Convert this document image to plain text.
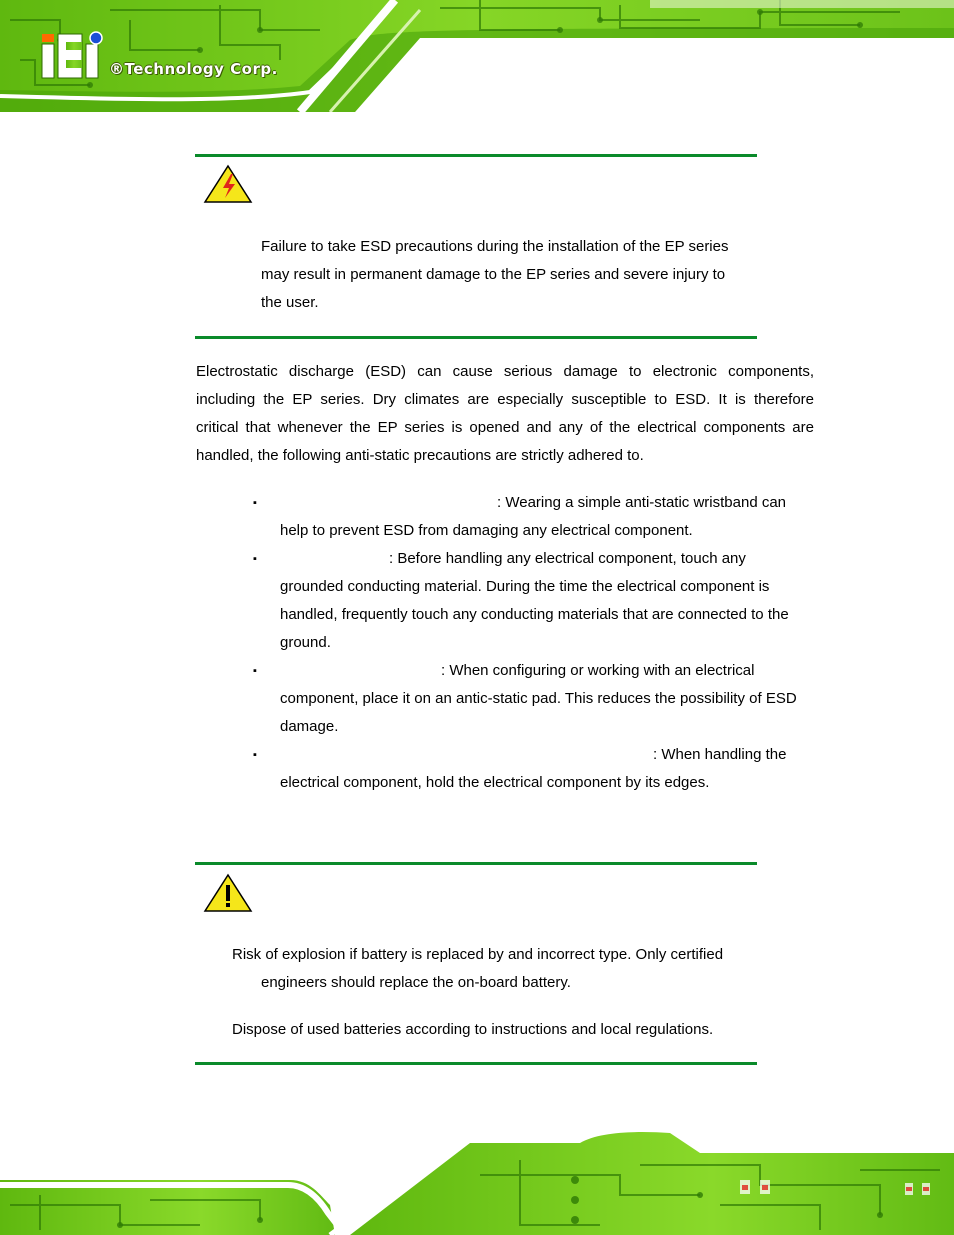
®Technology Corp.

Failure to take ESD precautions during the installation of the EP series

may result in permanent damage to the EP series and severe injury to

the user.

Electrostatic discharge (ESD) can cause serious damage to electronic components,

including the EP series. Dry climates are especially susceptible to ESD. It is therefore

critical that whenever the EP series is opened and any of the electrical components are

handled, the following anti-static precautions are strictly adhered to.

▪	: Wearing a simple anti-static wristband can

help to prevent ESD from damaging any electrical component.

▪	: Before handling any electrical component, touch any

grounded conducting material. During the time the electrical component is

handled, frequently touch any conducting materials that are connected to the

ground.

▪	: When configuring or working with an electrical

component, place it on an antic-static pad. This reduces the possibility of ESD

damage.

▪	: When handling the

electrical component, hold the electrical component by its edges.

Risk of explosion if battery is replaced by and incorrect type. Only certified

engineers should replace the on-board battery.

Dispose of used batteries according to instructions and local regulations.
